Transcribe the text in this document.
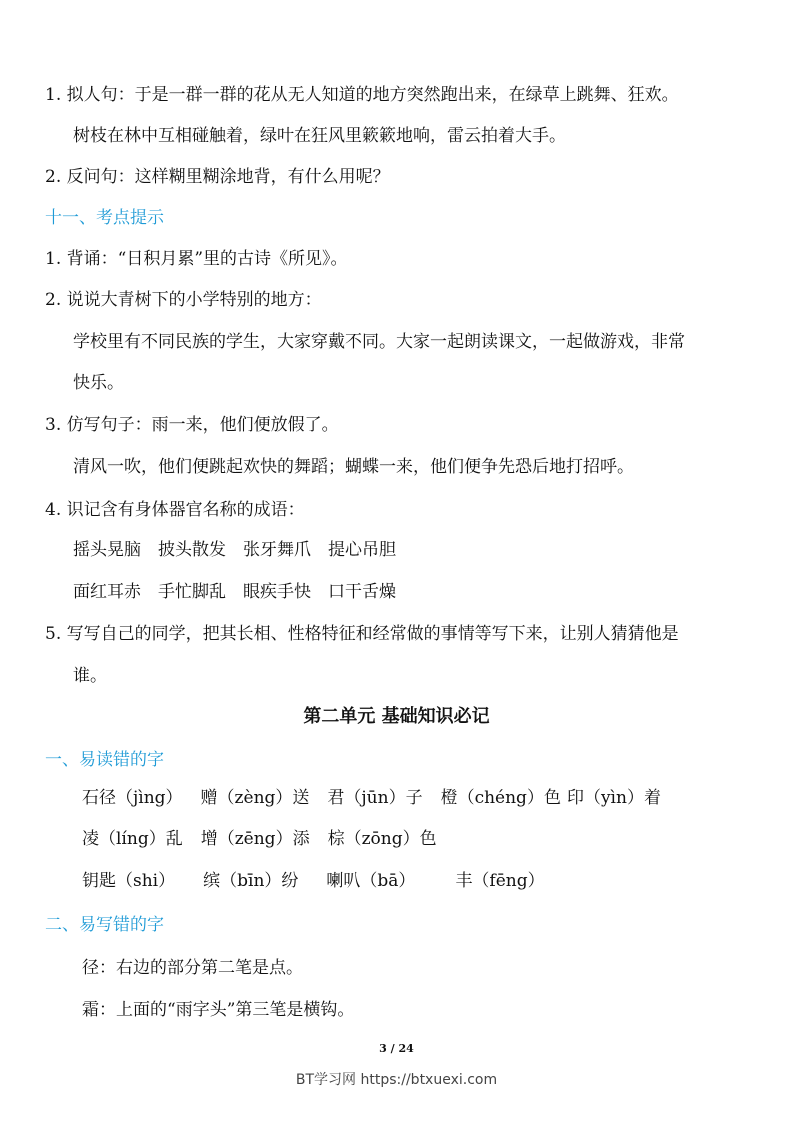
1. 拟人句：于是一群一群的花从无人知道的地方突然跑出来，在绿草上跳舞、狂欢。
树枝在林中互相碰触着，绿叶在狂风里簌簌地响，雷云拍着大手。
2. 反问句：这样糊里糊涂地背，有什么用呢？
十一、考点提示
1. 背诵：“日积月累”里的古诗《所见》。
2. 说说大青树下的小学特别的地方：
学校里有不同民族的学生，大家穿戴不同。大家一起朗读课文，一起做游戏，非常
快乐。
3. 仿写句子：雨一来，他们便放假了。
清风一吹，他们便跳起欢快的舞蹈；蝴蝶一来，他们便争先恐后地打招呼。
4. 识记含有身体器官名称的成语：
摇头晃脑　披头散发　张牙舞爪　提心吊胆
面红耳赤　手忙脚乱　眼疾手快　口干舌燥
5. 写写自己的同学，把其长相、性格特征和经常做的事情等写下来，让别人猜猜他是
谁。
第二单元 基础知识必记
一、易读错的字
石径（jìng） 赠（zèng）送 君（jūn）子 橙（chéng）色 印（yìn）着
凌（líng）乱 增（zēng）添 棕（zōng）色
钥匙（shi） 缤（bīn）纷 喇叭（bā） 丰（fēng）
二、易写错的字
径：右边的部分第二笔是点。
霜：上面的“雨字头”第三笔是横钩。
3 / 24
BT学习网 https://btxuexi.com
